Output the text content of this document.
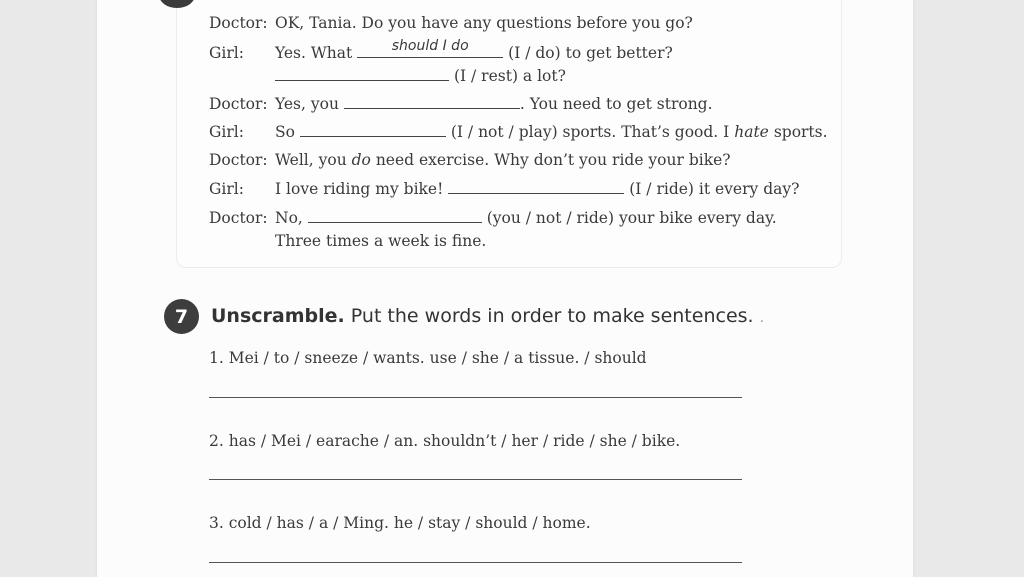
Doctor: OK, Tania. Do you have any questions before you go?
Girl: Yes. What	should I do	(I / do) to get better?
(I / rest) a lot?
Doctor: Yes, you	. You need to get strong.
Girl: So	(I / not / play) sports. That’s good. I hate sports.
Doctor: Well, you do need exercise. Why don’t you ride your bike?
Girl: I love riding my bike!	(I / ride) it every day?
Doctor: No,	(you / not / ride) your bike every day.
Three times a week is fine.
7	Unscramble. Put the words in order to make sentences. .
1. Mei / to / sneeze / wants. use / she / a tissue. / should
2. has / Mei / earache / an. shouldn’t / her / ride / she / bike.
3. cold / has / a / Ming. he / stay / should / home.
